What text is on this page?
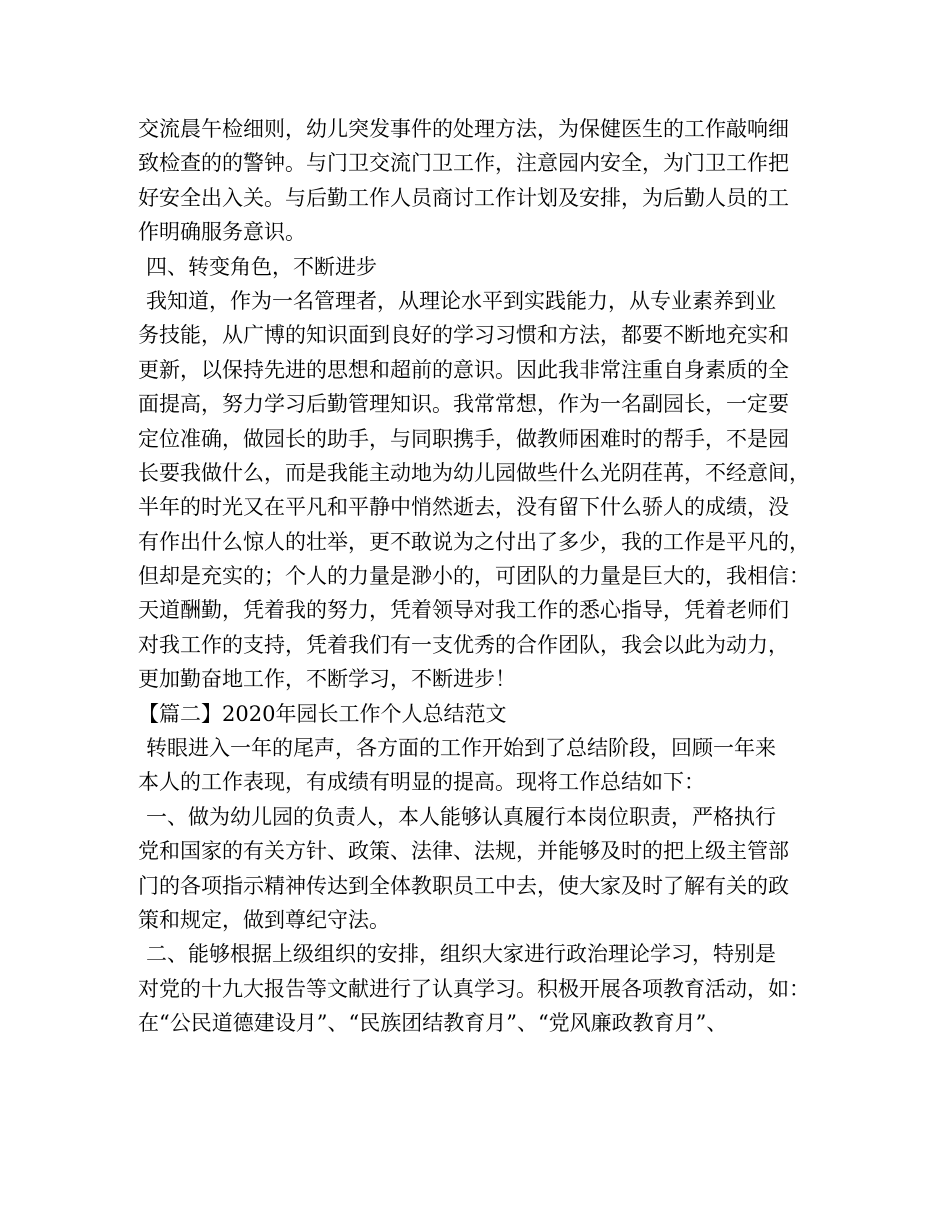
交流晨午检细则，幼儿突发事件的处理方法，为保健医生的工作敲响细
致检查的的警钟。与门卫交流门卫工作，注意园内安全，为门卫工作把
好安全出入关。与后勤工作人员商讨工作计划及安排，为后勤人员的工
作明确服务意识。
四、转变角色，不断进步
我知道，作为一名管理者，从理论水平到实践能力，从专业素养到业
务技能，从广博的知识面到良好的学习习惯和方法，都要不断地充实和
更新，以保持先进的思想和超前的意识。因此我非常注重自身素质的全
面提高，努力学习后勤管理知识。我常常想，作为一名副园长，一定要
定位准确，做园长的助手，与同职携手，做教师困难时的帮手，不是园
长要我做什么，而是我能主动地为幼儿园做些什么光阴荏苒，不经意间，
半年的时光又在平凡和平静中悄然逝去，没有留下什么骄人的成绩，没
有作出什么惊人的壮举，更不敢说为之付出了多少，我的工作是平凡的，
但却是充实的；个人的力量是渺小的，可团队的力量是巨大的，我相信：
天道酬勤，凭着我的努力，凭着领导对我工作的悉心指导，凭着老师们
对我工作的支持，凭着我们有一支优秀的合作团队，我会以此为动力，
更加勤奋地工作，不断学习，不断进步！
【篇二】2020年园长工作个人总结范文
转眼进入一年的尾声，各方面的工作开始到了总结阶段，回顾一年来
本人的工作表现，有成绩有明显的提高。现将工作总结如下：
一、做为幼儿园的负责人，本人能够认真履行本岗位职责，严格执行
党和国家的有关方针、政策、法律、法规，并能够及时的把上级主管部
门的各项指示精神传达到全体教职员工中去，使大家及时了解有关的政
策和规定，做到尊纪守法。
二、能够根据上级组织的安排，组织大家进行政治理论学习，特别是
对党的十九大报告等文献进行了认真学习。积极开展各项教育活动，如：
在“公民道德建设月”、“民族团结教育月”、“党风廉政教育月”、
